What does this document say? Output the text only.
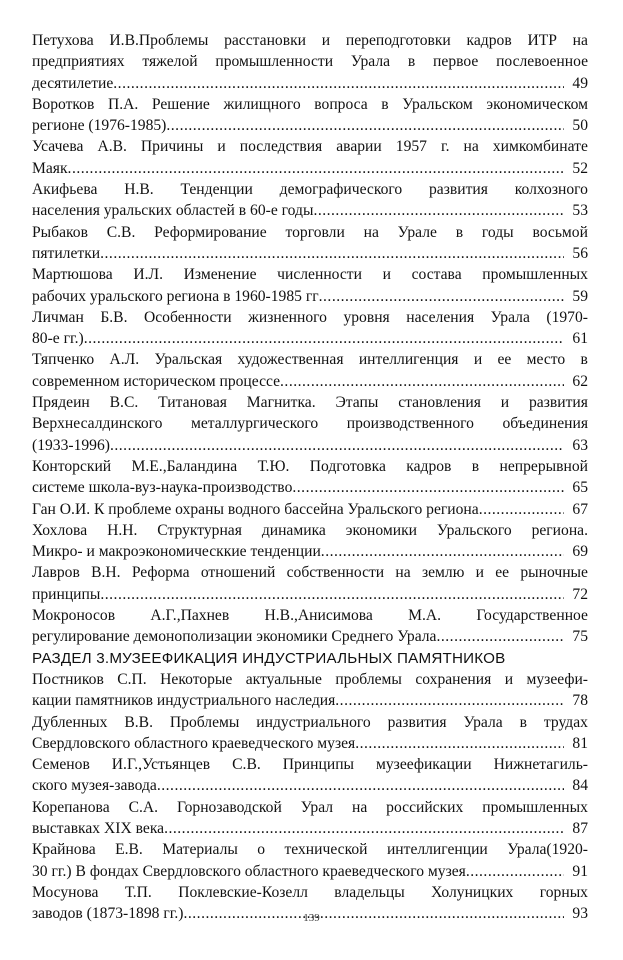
Петухова И.В.Проблемы расстановки и переподготовки кадров ИТР на
предприятиях тяжелой промышленности Урала в первое послевоенное
десятилетие .....	49
Воротков П.А. Решение жилищного вопроса в Уральском экономическом
регионе (1976-1985) .....	50
Усачева А.В. Причины и последствия аварии 1957 г. на химкомбинате
Маяк .....	52
Акифьева Н.В. Тенденции демографического развития колхозного
населения уральских областей в 60-е годы .....	53
Рыбаков С.В. Реформирование торговли на Урале в годы восьмой
пятилетки .....	56
Мартюшова И.Л. Изменение численности и состава промышленных
рабочих уральского региона в 1960-1985 гг .....	59
Личман Б.В. Особенности жизненного уровня населения Урала (1970-
80-е гг.) .....	61
Тяпченко А.Л. Уральская художественная интеллигенция и ее место в
современном историческом процессе .....	62
Прядеин В.С. Титановая Магнитка. Этапы становления и развития
Верхнесалдинского металлургического производственного объединения
(1933-1996) .....	63
Конторский М.Е.,Баландина Т.Ю. Подготовка кадров в непрерывной
системе школа-вуз-наука-производство .....	65
Ган О.И. К проблеме охраны водного бассейна Уральского региона .....	67
Хохлова Н.Н. Структурная динамика экономики Уральского региона.
Микро- и макроэкономическкие тенденции .....	69
Лавров В.Н. Реформа отношений собственности на землю и ее рыночные
принципы .....	72
Мокроносов А.Г.,Пахнев Н.В.,Анисимова М.А. Государственное
регулирование демонополизации экономики Среднего Урала .....	75
РАЗДЕЛ 3.МУЗЕЕФИКАЦИЯ ИНДУСТРИАЛЬНЫХ ПАМЯТНИКОВ
Постников С.П. Некоторые актуальные проблемы сохранения и музеефи-
кации памятников индустриального наследия .....	78
Дубленных В.В. Проблемы индустриального развития Урала в трудах
Свердловского областного краеведческого музея .....	81
Семенов И.Г.,Устьянцев С.В. Принципы музеефикации Нижнетагиль-
ского музея-завода .....	84
Корепанова С.А. Горнозаводской Урал на российских промышленных
выставках XIX века .....	87
Крайнова Е.В. Материалы о технической интеллигенции Урала(1920-
30 гг.) В фондах Свердловского областного краеведческого музея .....	91
Мосунова Т.П. Поклевские-Козелл владельцы Холуницких горных
заводов (1873-1898 гг.) .....	93
139
